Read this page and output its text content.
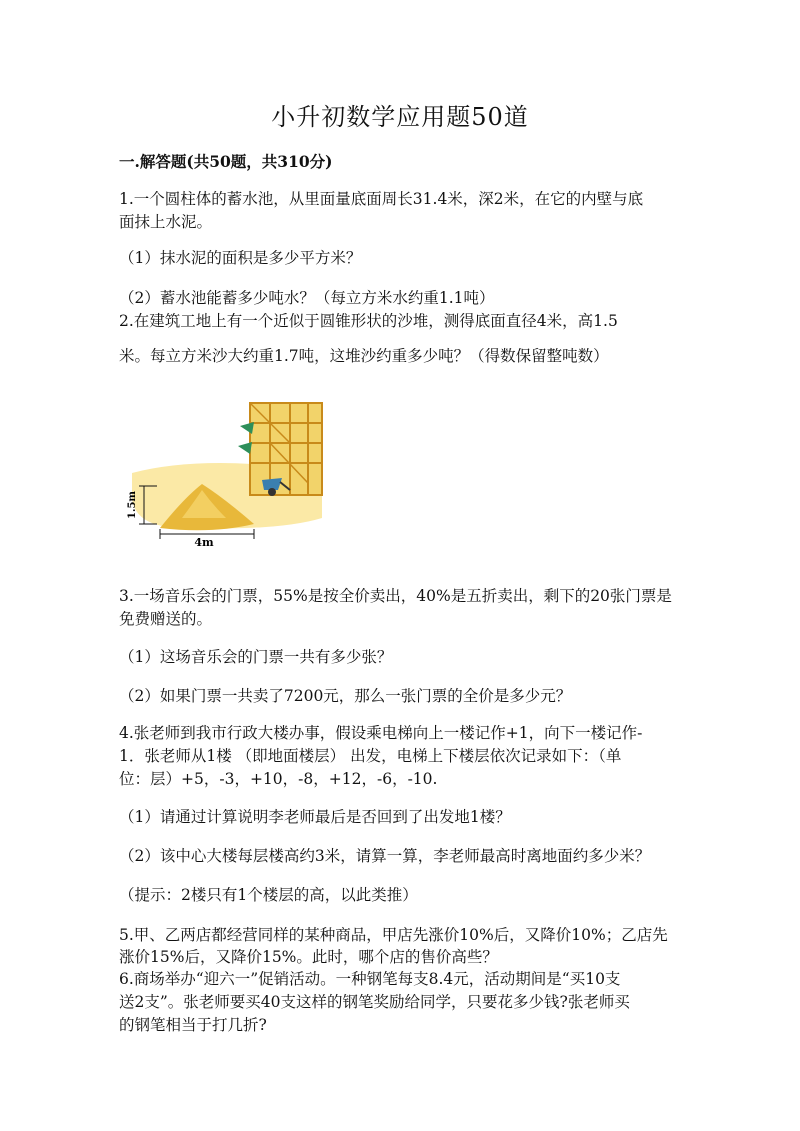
小升初数学应用题50道
一.解答题(共50题，共310分)
1.一个圆柱体的蓄水池，从里面量底面周长31.4米，深2米，在它的内壁与底
面抹上水泥。
（1）抹水泥的面积是多少平方米？
（2）蓄水池能蓄多少吨水？（每立方米水约重1.1吨）
2.在建筑工地上有一个近似于圆锥形状的沙堆，测得底面直径4米，高1.5
米。每立方米沙大约重1.7吨，这堆沙约重多少吨？（得数保留整吨数）
1.5m
4m
3.一场音乐会的门票，55%是按全价卖出，40%是五折卖出，剩下的20张门票是
免费赠送的。
（1）这场音乐会的门票一共有多少张？
（2）如果门票一共卖了7200元，那么一张门票的全价是多少元？
4.张老师到我市行政大楼办事，假设乘电梯向上一楼记作+1，向下一楼记作-
1．张老师从1楼 （即地面楼层） 出发，电梯上下楼层依次记录如下：（单
位：层）+5，-3，+10，-8，+12，-6，-10.
（1）请通过计算说明李老师最后是否回到了出发地1楼？
（2）该中心大楼每层楼高约3米，请算一算，李老师最高时离地面约多少米？
（提示：2楼只有1个楼层的高，以此类推）
5.甲、乙两店都经营同样的某种商品，甲店先涨价10%后，又降价10%；乙店先
涨价15%后，又降价15%。此时，哪个店的售价高些？
6.商场举办“迎六一”促销活动。一种钢笔每支8.4元，活动期间是“买10支
送2支”。张老师要买40支这样的钢笔奖励给同学，只要花多少钱?张老师买
的钢笔相当于打几折?
